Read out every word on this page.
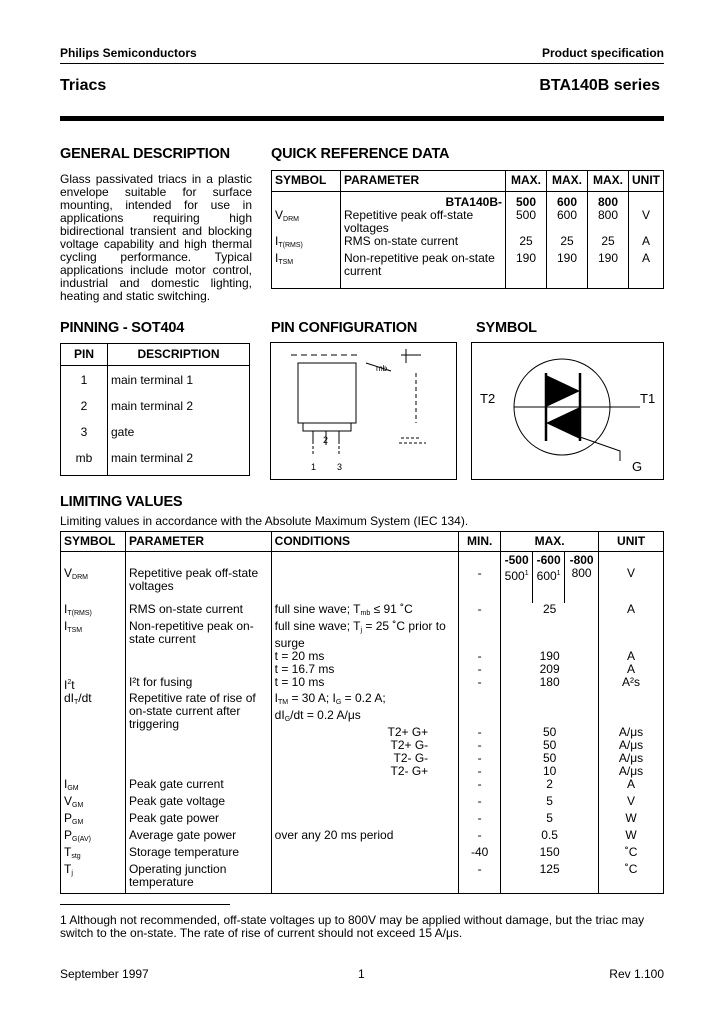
Philips Semiconductors	Product specification
Triacs	BTA140B series
GENERAL DESCRIPTION
Glass passivated triacs in a plastic envelope suitable for surface mounting, intended for use in applications requiring high bidirectional transient and blocking voltage capability and high thermal cycling performance. Typical applications include motor control, industrial and domestic lighting, heating and static switching.
QUICK REFERENCE DATA
SYMBOL	PARAMETER	MAX.	MAX.	MAX.	UNIT
	BTA140B-	500	600	800	
$V_{DRM}$	Repetitive peak off-state voltages	500	600	800	V
$I_{T(RMS)}$	RMS on-state current	25	25	25	A
$I_{TSM}$	Non-repetitive peak on-state current	190	190	190	A
PINNING - SOT404
PIN	DESCRIPTION
1	main terminal 1
2	main terminal 2
3	gate
mb	main terminal 2
PIN CONFIGURATION
mb
2
1 3
SYMBOL
T2	T1
G
LIMITING VALUES
Limiting values in accordance with the Absolute Maximum System (IEC 134).
SYMBOL	PARAMETER	CONDITIONS	MIN.	MAX.			UNIT
				-500	-600	-800	
$V_{DRM}$	Repetitive peak off-state voltages		-	$500^1$	$600^1$	800	V
$I_{T(RMS)}$	RMS on-state current	full sine wave; $T_{mb} \le 91$ ˚C	-	25			A
$I_{TSM}$	Non-repetitive peak on-state current	full sine wave; $T_j = 25$ ˚C prior to surge					
		t = 20 ms	-	190			A
		t = 16.7 ms	-	209			A
$I^2t$	I²t for fusing	t = 10 ms	-	180			A²s
$dI_T/dt$	Repetitive rate of rise of on-state current after triggering	$I_{TM} = 30$ A; $I_G = 0.2$ A;					
		$dI_G/dt = 0.2$ A/μs					
		T2+ G+	-	50			A/μs
		T2+ G-	-	50			A/μs
		T2- G-	-	50			A/μs
		T2- G+	-	10			A/μs
$I_{GM}$	Peak gate current		-	2			A
$V_{GM}$	Peak gate voltage		-	5			V
$P_{GM}$	Peak gate power		-	5			W
$P_{G(AV)}$	Average gate power	over any 20 ms period	-	0.5			W
$T_{stg}$	Storage temperature		-40	150			˚C
$T_j$	Operating junction temperature		-	125			˚C
1 Although not recommended, off-state voltages up to 800V may be applied without damage, but the triac may switch to the on-state. The rate of rise of current should not exceed 15 A/μs.
September 1997	1	Rev 1.100
